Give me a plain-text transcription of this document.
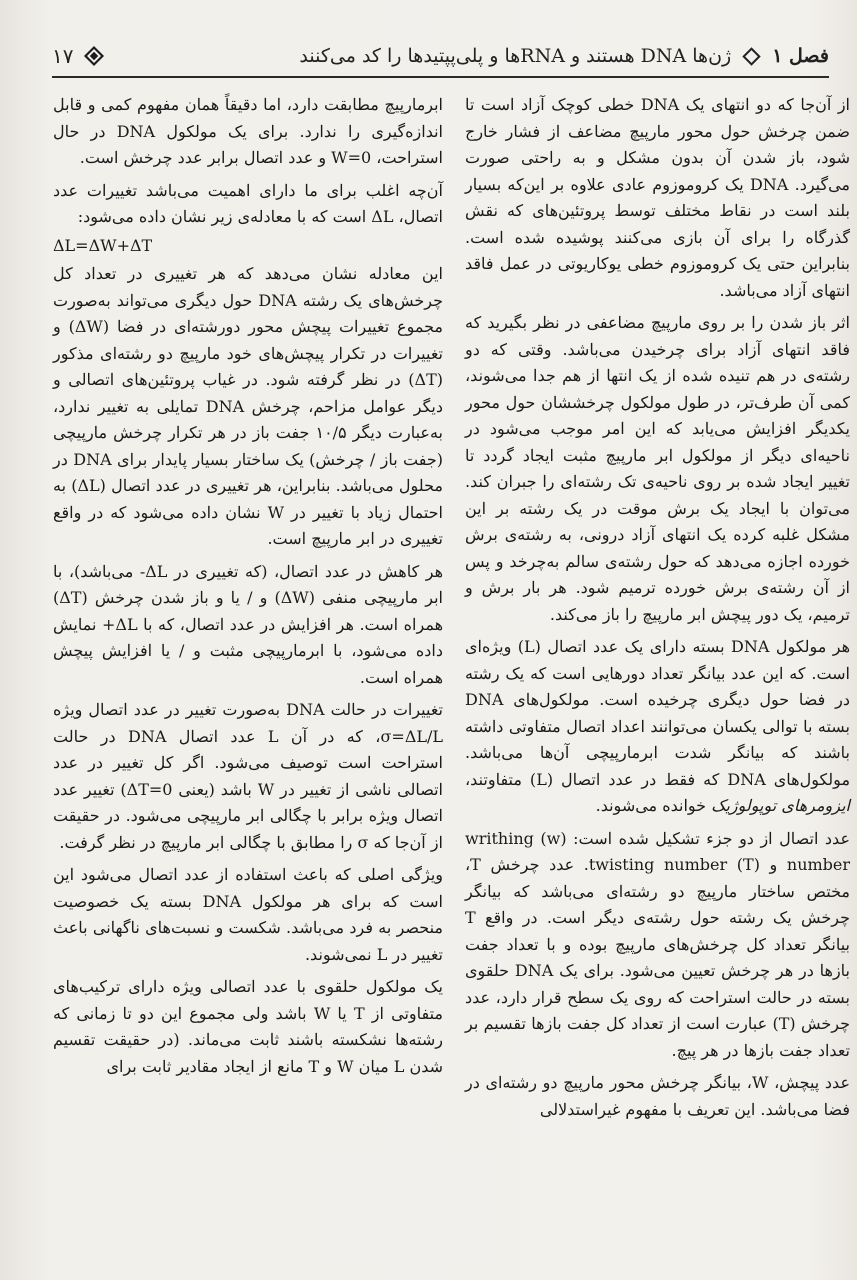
فصل ۱
ژن‌ها DNA هستند و RNAها و پلی‌پپتیدها را کد می‌کنند
۱۷

از آن‌جا که دو انتهای یک DNA خطی کوچک آزاد است تا ضمن چرخش حول محور مارپیچ مضاعف از فشار خارج شود، باز شدن آن بدون مشکل و به راحتی صورت می‌گیرد. DNA یک کروموزوم عادی علاوه بر این‌که بسیار بلند است در نقاط مختلف توسط پروتئین‌های که نقش گذرگاه را برای آن بازی می‌کنند پوشیده شده است. بنابراین حتی یک کروموزوم خطی یوکاریوتی در عمل فاقد انتهای آزاد می‌باشد.

اثر باز شدن را بر روی مارپیچ مضاعفی در نظر بگیرید که فاقد انتهای آزاد برای چرخیدن می‌باشد. وقتی که دو رشته‌ی در هم تنیده شده از یک انتها از هم جدا می‌شوند، کمی آن طرف‌تر، در طول مولکول چرخششان حول محور یکدیگر افزایش می‌یابد که این امر موجب می‌شود در ناحیه‌ای دیگر از مولکول ابر مارپیچ مثبت ایجاد گردد تا تغییر ایجاد شده بر روی ناحیه‌ی تک رشته‌ای را جبران کند. می‌توان با ایجاد یک برش موقت در یک رشته بر این مشکل غلبه کرده یک انتهای آزاد درونی، به رشته‌ی برش خورده اجازه می‌دهد که حول رشته‌ی سالم به‌چرخد و پس از آن رشته‌ی برش خورده ترمیم شود. هر بار برش و ترمیم، یک دور پیچش ابر مارپیچ را باز می‌کند.

هر مولکول DNA بسته دارای یک عدد اتصال (L) ویژه‌ای است. که این عدد بیانگر تعداد دورهایی است که یک رشته در فضا حول دیگری چرخیده است. مولکول‌های DNA بسته با توالی یکسان می‌توانند اعداد اتصال متفاوتی داشته باشند که بیانگر شدت ابرمارپیچی آن‌ها می‌باشد. مولکول‌های DNA که فقط در عدد اتصال (L) متفاوتند، ایزومرهای توپولوژیک خوانده می‌شوند.

عدد اتصال از دو جزء تشکیل شده است: (w) writhing number و (T) twisting number. عدد چرخش T، مختص ساختار مارپیچ دو رشته‌ای می‌باشد که بیانگر چرخش یک رشته حول رشته‌ی دیگر است. در واقع T بیانگر تعداد کل چرخش‌های مارپیچ بوده و با تعداد جفت بازها در هر چرخش تعیین می‌شود. برای یک DNA حلقوی بسته در حالت استراحت که روی یک سطح قرار دارد، عدد چرخش (T) عبارت است از تعداد کل جفت بازها تقسیم بر تعداد جفت بازها در هر پیچ.

عدد پیچش، W، بیانگر چرخش محور مارپیچ دو رشته‌ای در فضا می‌باشد. این تعریف با مفهوم غیراستدلالی

ابرمارپیچ مطابقت دارد، اما دقیقاً همان مفهوم کمی و قابل اندازه‌گیری را ندارد. برای یک مولکول DNA در حال استراحت، W=0 و عدد اتصال برابر عدد چرخش است.

آن‌چه اغلب برای ما دارای اهمیت می‌باشد تغییرات عدد اتصال، ΔL است که با معادله‌ی زیر نشان داده می‌شود:

ΔL=ΔW+ΔT

این معادله نشان می‌دهد که هر تغییری در تعداد کل چرخش‌های یک رشته DNA حول دیگری می‌تواند به‌صورت مجموع تغییرات پیچش محور دورشته‌ای در فضا (ΔW) و تغییرات در تکرار پیچش‌های خود مارپیچ دو رشته‌ای مذکور (ΔT) در نظر گرفته شود. در غیاب پروتئین‌های اتصالی و دیگر عوامل مزاحم، چرخش DNA تمایلی به تغییر ندارد، به‌عبارت دیگر ۱۰/۵ جفت باز در هر تکرار چرخش مارپیچی (جفت باز / چرخش) یک ساختار بسیار پایدار برای DNA در محلول می‌باشد. بنابراین، هر تغییری در عدد اتصال (ΔL) به احتمال زیاد با تغییر در W نشان داده می‌شود که در واقع تغییری در ابر مارپیچ است.

هر کاهش در عدد اتصال، (که تغییری در ΔL- می‌باشد)، با ابر مارپیچی منفی (ΔW) و / یا و باز شدن چرخش (ΔT) همراه است. هر افزایش در عدد اتصال، که با ΔL+ نمایش داده می‌شود، با ابرمارپیچی مثبت و / یا افزایش پیچش همراه است.

تغییرات در حالت DNA به‌صورت تغییر در عدد اتصال ویژه σ=ΔL/L، که در آن L عدد اتصال DNA در حالت استراحت است توصیف می‌شود. اگر کل تغییر در عدد اتصالی ناشی از تغییر در W باشد (یعنی ΔT=0) تغییر عدد اتصال ویژه برابر با چگالی ابر مارپیچی می‌شود. در حقیقت از آن‌جا که σ را مطابق با چگالی ابر مارپیچ در نظر گرفت.

ویژگی اصلی که باعث استفاده از عدد اتصال می‌شود این است که برای هر مولکول DNA بسته یک خصوصیت منحصر به فرد می‌باشد. شکست و نسبت‌های ناگهانی باعث تغییر در L نمی‌شوند.

یک مولکول حلقوی با عدد اتصالی ویژه دارای ترکیب‌های متفاوتی از T یا W باشد ولی مجموع این دو تا زمانی که رشته‌ها نشکسته باشند ثابت می‌ماند. (در حقیقت تقسیم شدن L میان W و T مانع از ایجاد مقادیر ثابت برای
